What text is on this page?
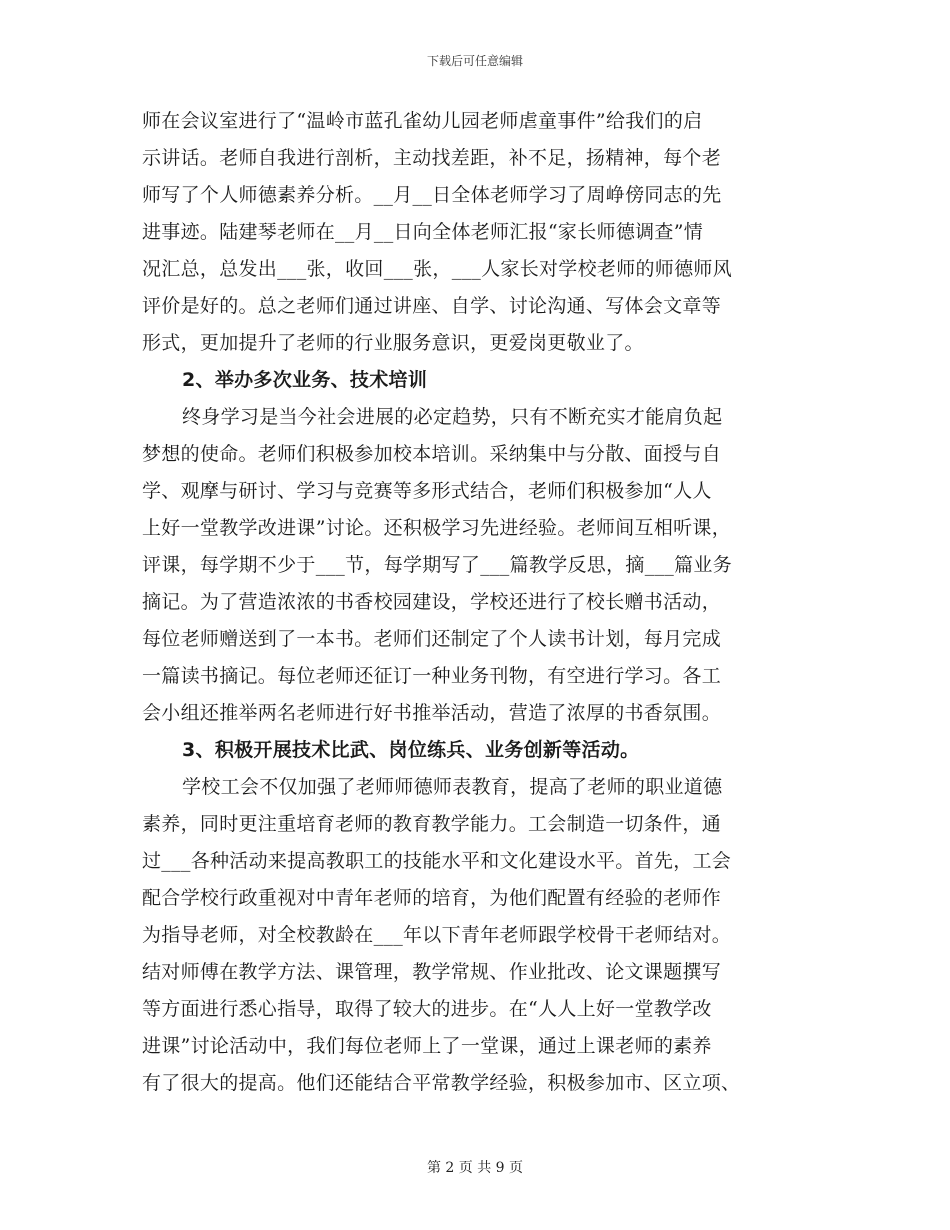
下载后可任意编辑
师在会议室进行了“温岭市蓝孔雀幼儿园老师虐童事件”给我们的启
示讲话。老师自我进行剖析，主动找差距，补不足，扬精神，每个老
师写了个人师德素养分析。__月__日全体老师学习了周峥傍同志的先
进事迹。陆建琴老师在__月__日向全体老师汇报“家长师德调查”情
况汇总，总发出___张，收回___张，___人家长对学校老师的师德师风
评价是好的。总之老师们通过讲座、自学、讨论沟通、写体会文章等
形式，更加提升了老师的行业服务意识，更爱岗更敬业了。
2、举办多次业务、技术培训
终身学习是当今社会进展的必定趋势，只有不断充实才能肩负起
梦想的使命。老师们积极参加校本培训。采纳集中与分散、面授与自
学、观摩与研讨、学习与竞赛等多形式结合，老师们积极参加“人人
上好一堂教学改进课”讨论。还积极学习先进经验。老师间互相听课，
评课，每学期不少于___节，每学期写了___篇教学反思，摘___篇业务
摘记。为了营造浓浓的书香校园建设，学校还进行了校长赠书活动，
每位老师赠送到了一本书。老师们还制定了个人读书计划，每月完成
一篇读书摘记。每位老师还征订一种业务刊物，有空进行学习。各工
会小组还推举两名老师进行好书推举活动，营造了浓厚的书香氛围。
3、积极开展技术比武、岗位练兵、业务创新等活动。
学校工会不仅加强了老师师德师表教育，提高了老师的职业道德
素养，同时更注重培育老师的教育教学能力。工会制造一切条件，通
过___各种活动来提高教职工的技能水平和文化建设水平。首先，工会
配合学校行政重视对中青年老师的培育，为他们配置有经验的老师作
为指导老师，对全校教龄在___年以下青年老师跟学校骨干老师结对。
结对师傅在教学方法、课管理，教学常规、作业批改、论文课题撰写
等方面进行悉心指导，取得了较大的进步。在“人人上好一堂教学改
进课”讨论活动中，我们每位老师上了一堂课，通过上课老师的素养
有了很大的提高。他们还能结合平常教学经验，积极参加市、区立项、
第 2 页 共 9 页
